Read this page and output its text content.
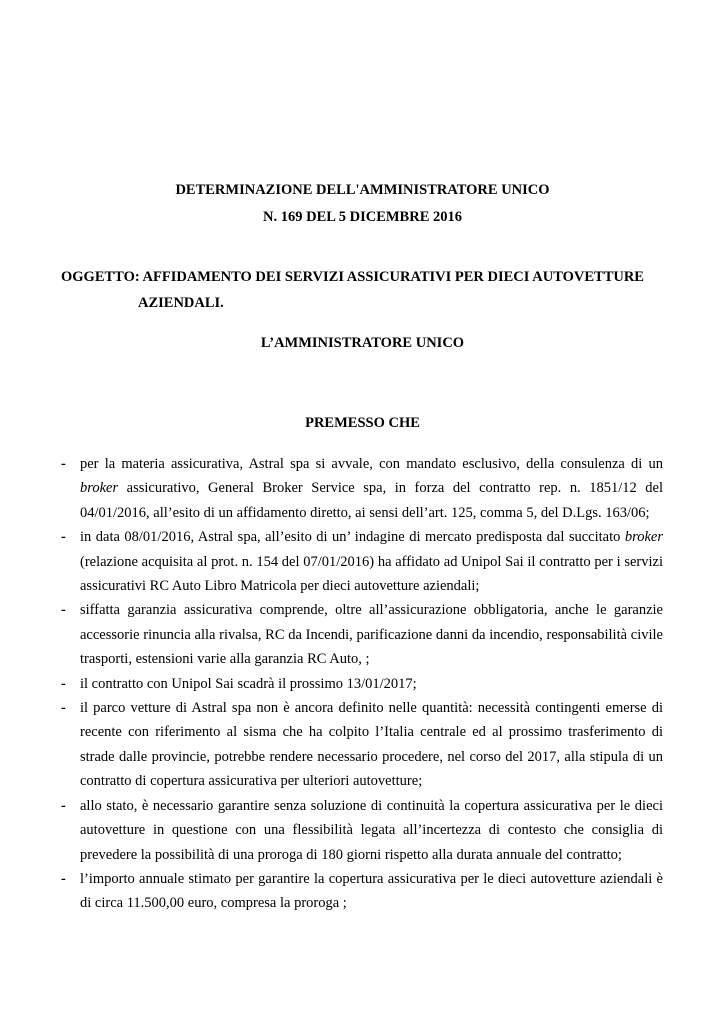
DETERMINAZIONE DELL'AMMINISTRATORE UNICO
N. 169 DEL 5 DICEMBRE 2016
OGGETTO: AFFIDAMENTO DEI SERVIZI ASSICURATIVI PER DIECI AUTOVETTURE
AZIENDALI.
L’AMMINISTRATORE UNICO
PREMESSO CHE
- per la materia assicurativa, Astral spa si avvale, con mandato esclusivo, della consulenza di un broker assicurativo, General Broker Service spa, in forza del contratto rep. n. 1851/12 del 04/01/2016, all’esito di un affidamento diretto, ai sensi dell’art. 125, comma 5, del D.Lgs. 163/06;
- in data 08/01/2016, Astral spa, all’esito di un’ indagine di mercato predisposta dal succitato broker (relazione acquisita al prot. n. 154 del 07/01/2016) ha affidato ad Unipol Sai il contratto per i servizi assicurativi RC Auto Libro Matricola per dieci autovetture aziendali;
- siffatta garanzia assicurativa comprende, oltre all’assicurazione obbligatoria, anche le garanzie accessorie rinuncia alla rivalsa, RC da Incendi, parificazione danni da incendio, responsabilità civile trasporti, estensioni varie alla garanzia RC Auto, ;
- il contratto con Unipol Sai scadrà il prossimo 13/01/2017;
- il parco vetture di Astral spa non è ancora definito nelle quantità: necessità contingenti emerse di recente con riferimento al sisma che ha colpito l’Italia centrale ed al prossimo trasferimento di strade dalle provincie, potrebbe rendere necessario procedere, nel corso del 2017, alla stipula di un contratto di copertura assicurativa per ulteriori autovetture;
- allo stato, è necessario garantire senza soluzione di continuità la copertura assicurativa per le dieci autovetture in questione con una flessibilità legata all’incertezza di contesto che consiglia di prevedere la possibilità di una proroga di 180 giorni rispetto alla durata annuale del contratto;
- l’importo annuale stimato per garantire la copertura assicurativa per le dieci autovetture aziendali è di circa 11.500,00 euro, compresa la proroga ;
